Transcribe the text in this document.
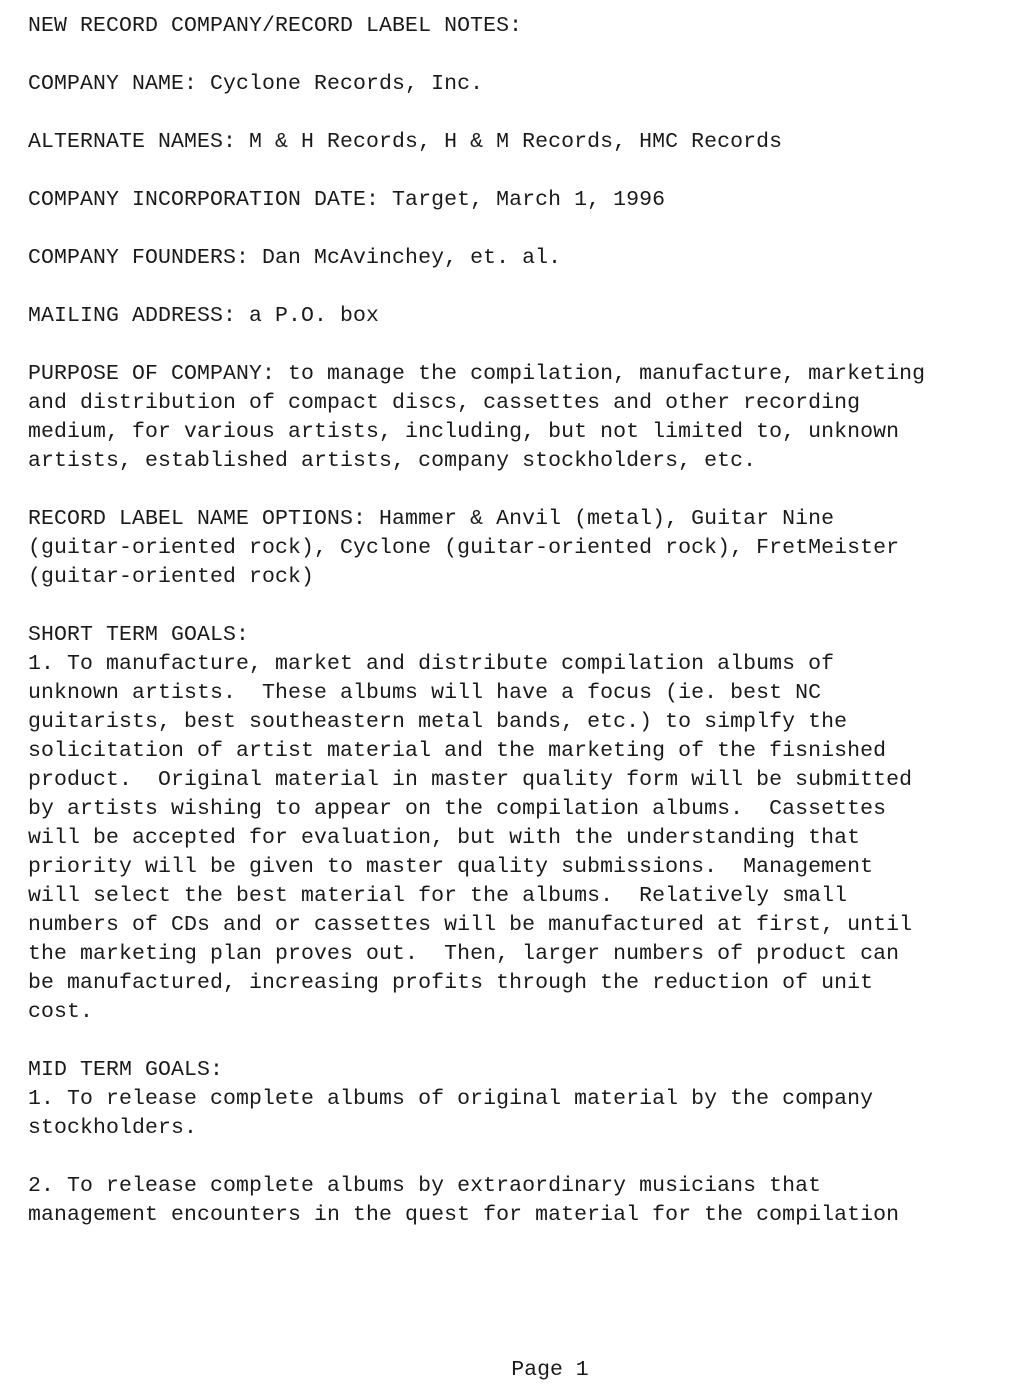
NEW RECORD COMPANY/RECORD LABEL NOTES:
COMPANY NAME: Cyclone Records, Inc.
ALTERNATE NAMES: M & H Records, H & M Records, HMC Records
COMPANY INCORPORATION DATE: Target, March 1, 1996
COMPANY FOUNDERS: Dan McAvinchey, et. al.
MAILING ADDRESS: a P.O. box
PURPOSE OF COMPANY: to manage the compilation, manufacture, marketing
and distribution of compact discs, cassettes and other recording
medium, for various artists, including, but not limited to, unknown
artists, established artists, company stockholders, etc.
RECORD LABEL NAME OPTIONS: Hammer & Anvil (metal), Guitar Nine
(guitar-oriented rock), Cyclone (guitar-oriented rock), FretMeister
(guitar-oriented rock)
SHORT TERM GOALS:
1. To manufacture, market and distribute compilation albums of
unknown artists.  These albums will have a focus (ie. best NC
guitarists, best southeastern metal bands, etc.) to simplfy the
solicitation of artist material and the marketing of the fisnished
product.  Original material in master quality form will be submitted
by artists wishing to appear on the compilation albums.  Cassettes
will be accepted for evaluation, but with the understanding that
priority will be given to master quality submissions.  Management
will select the best material for the albums.  Relatively small
numbers of CDs and or cassettes will be manufactured at first, until
the marketing plan proves out.  Then, larger numbers of product can
be manufactured, increasing profits through the reduction of unit
cost.
MID TERM GOALS:
1. To release complete albums of original material by the company
stockholders.
2. To release complete albums by extraordinary musicians that
management encounters in the quest for material for the compilation
Page 1
